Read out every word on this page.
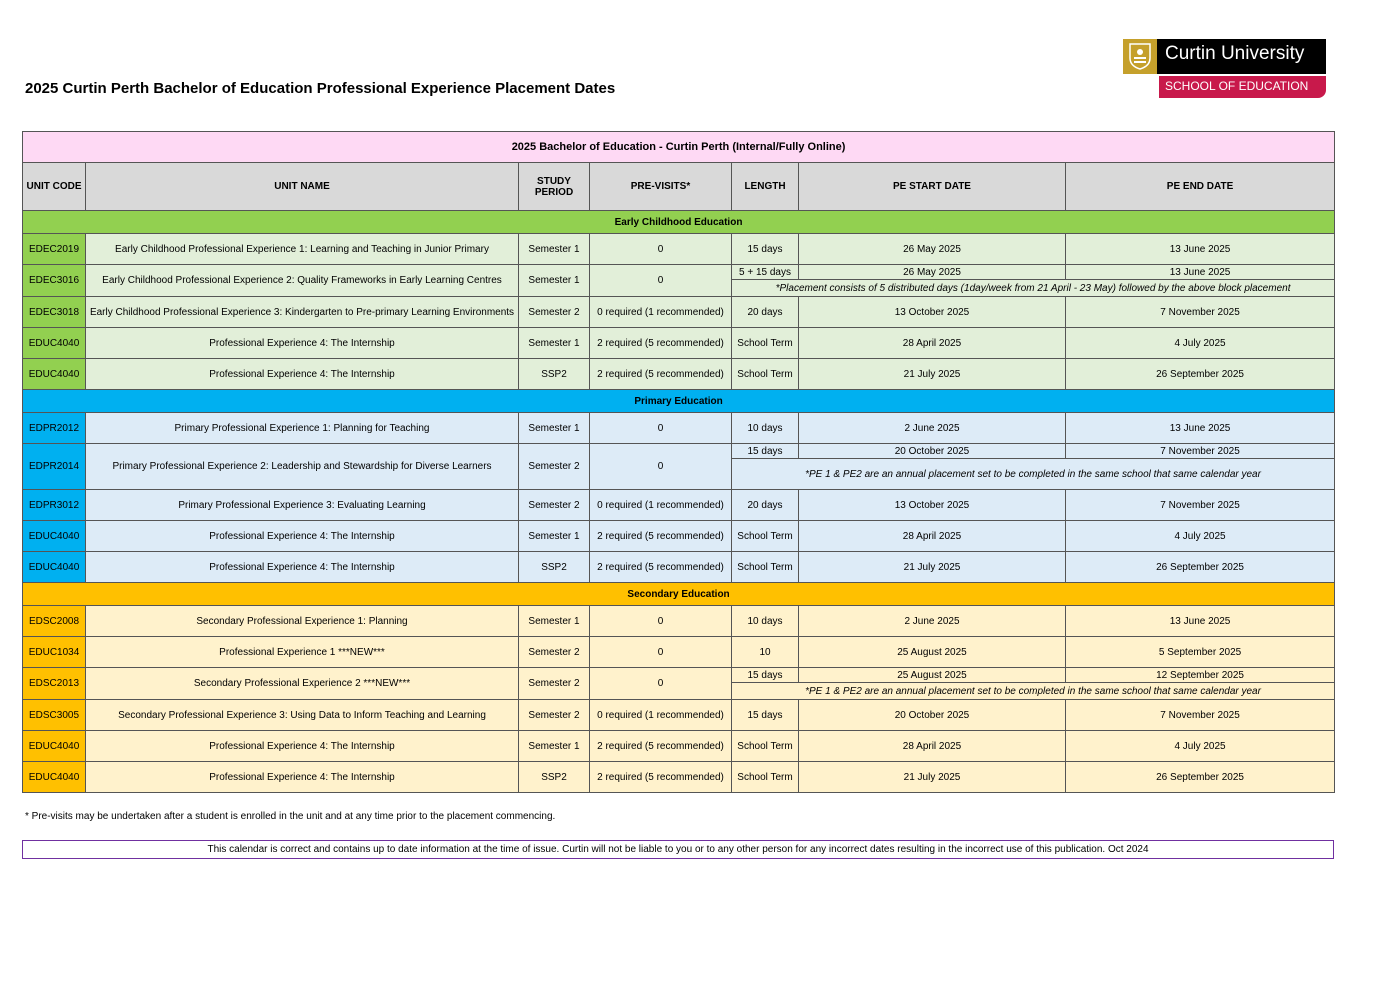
2025 Curtin Perth Bachelor of Education Professional Experience Placement Dates
Curtin University
SCHOOL OF EDUCATION
2025 Bachelor of Education - Curtin Perth (Internal/Fully Online)						
UNIT CODE	UNIT NAME	STUDY PERIOD	PRE-VISITS*	LENGTH	PE START DATE	PE END DATE
Early Childhood Education						
EDEC2019	Early Childhood Professional Experience 1: Learning and Teaching in Junior Primary	Semester 1	0	15 days	26 May 2025	13 June 2025
EDEC3016	Early Childhood Professional Experience 2: Quality Frameworks in Early Learning Centres	Semester 1	0	5 + 15 days	26 May 2025	13 June 2025
				*Placement consists of 5 distributed days (1day/week from 21 April - 23 May) followed by the above block placement		
EDEC3018	Early Childhood Professional Experience 3: Kindergarten to Pre-primary Learning Environments	Semester 2	0 required (1 recommended)	20 days	13 October 2025	7 November 2025
EDUC4040	Professional Experience 4: The Internship	Semester 1	2 required (5 recommended)	School Term	28 April 2025	4 July 2025
EDUC4040	Professional Experience 4: The Internship	SSP2	2 required (5 recommended)	School Term	21 July 2025	26 September 2025
Primary Education						
EDPR2012	Primary Professional Experience 1: Planning for Teaching	Semester 1	0	10 days	2 June 2025	13 June 2025
EDPR2014	Primary Professional Experience 2: Leadership and Stewardship for Diverse Learners	Semester 2	0	15 days	20 October 2025	7 November 2025
				*PE 1 & PE2 are an annual placement set to be completed in the same school that same calendar year		
EDPR3012	Primary Professional Experience 3: Evaluating Learning	Semester 2	0 required (1 recommended)	20 days	13 October 2025	7 November 2025
EDUC4040	Professional Experience 4: The Internship	Semester 1	2 required (5 recommended)	School Term	28 April 2025	4 July 2025
EDUC4040	Professional Experience 4: The Internship	SSP2	2 required (5 recommended)	School Term	21 July 2025	26 September 2025
Secondary Education						
EDSC2008	Secondary Professional Experience 1: Planning	Semester 1	0	10 days	2 June 2025	13 June 2025
EDUC1034	Professional Experience 1 ***NEW***	Semester 2	0	10	25 August 2025	5 September 2025
EDSC2013	Secondary Professional Experience 2 ***NEW***	Semester 2	0	15 days	25 August 2025	12 September 2025
				*PE 1 & PE2 are an annual placement set to be completed in the same school that same calendar year		
EDSC3005	Secondary Professional Experience 3: Using Data to Inform Teaching and Learning	Semester 2	0 required (1 recommended)	15 days	20 October 2025	7 November 2025
EDUC4040	Professional Experience 4: The Internship	Semester 1	2 required (5 recommended)	School Term	28 April 2025	4 July 2025
EDUC4040	Professional Experience 4: The Internship	SSP2	2 required (5 recommended)	School Term	21 July 2025	26 September 2025
* Pre-visits may be undertaken after a student is enrolled in the unit and at any time prior to the placement commencing.
This calendar is correct and contains up to date information at the time of issue. Curtin will not be liable to you or to any other person for any incorrect dates resulting in the incorrect use of this publication. Oct 2024
